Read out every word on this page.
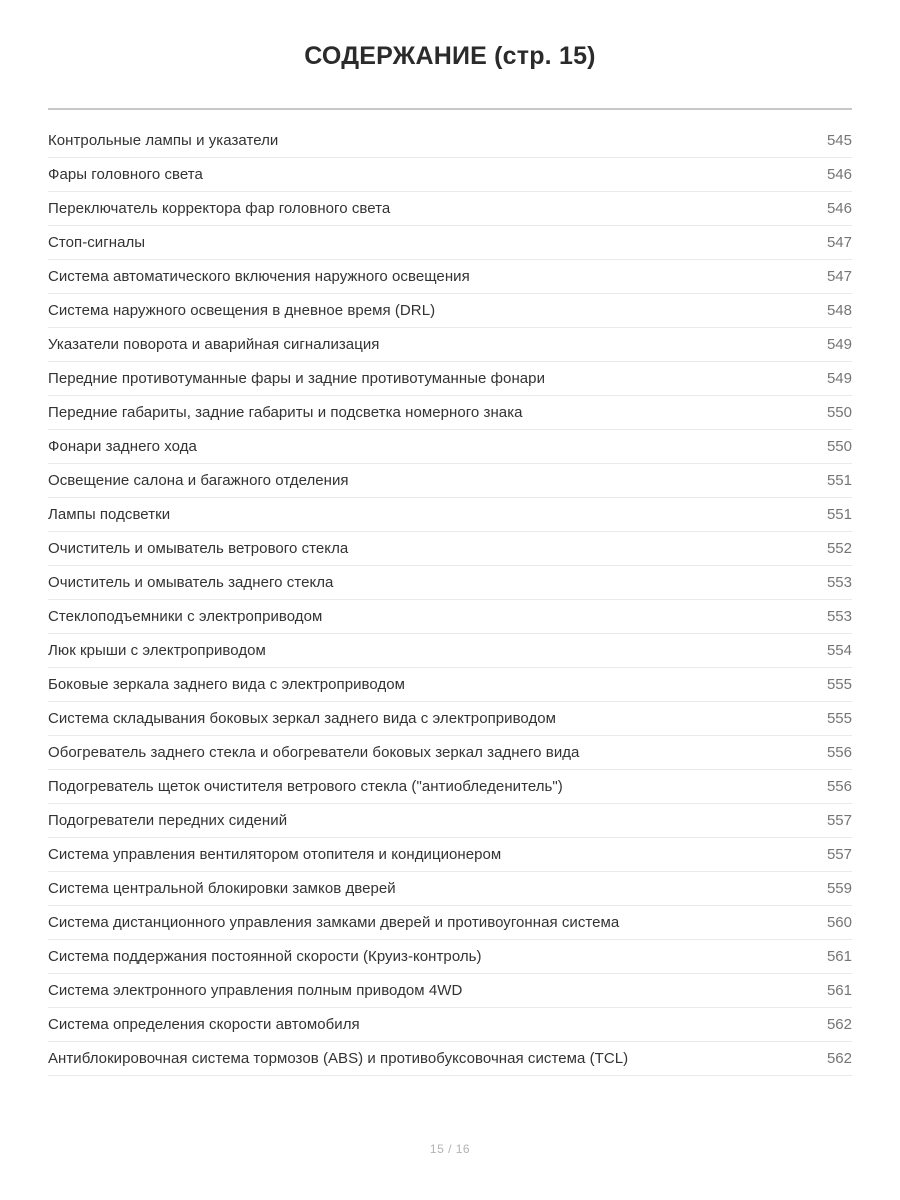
СОДЕРЖАНИЕ (стр. 15)
Контрольные лампы и указатели	545
Фары головного света	546
Переключатель корректора фар головного света	546
Стоп-сигналы	547
Система автоматического включения наружного освещения	547
Система наружного освещения в дневное время (DRL)	548
Указатели поворота и аварийная сигнализация	549
Передние противотуманные фары и задние противотуманные фонари	549
Передние габариты, задние габариты и подсветка номерного знака	550
Фонари заднего хода	550
Освещение салона и багажного отделения	551
Лампы подсветки	551
Очиститель и омыватель ветрового стекла	552
Очиститель и омыватель заднего стекла	553
Стеклоподъемники с электроприводом	553
Люк крыши с электроприводом	554
Боковые зеркала заднего вида с электроприводом	555
Система складывания боковых зеркал заднего вида с электроприводом	555
Обогреватель заднего стекла и обогреватели боковых зеркал заднего вида	556
Подогреватель щеток очистителя ветрового стекла ("антиобледенитель")	556
Подогреватели передних сидений	557
Система управления вентилятором отопителя и кондиционером	557
Система центральной блокировки замков дверей	559
Система дистанционного управления замками дверей и противоугонная система	560
Система поддержания постоянной скорости (Круиз-контроль)	561
Система электронного управления полным приводом 4WD	561
Система определения скорости автомобиля	562
Антиблокировочная система тормозов (ABS) и противобуксовочная система (TCL)	562
15 / 16
